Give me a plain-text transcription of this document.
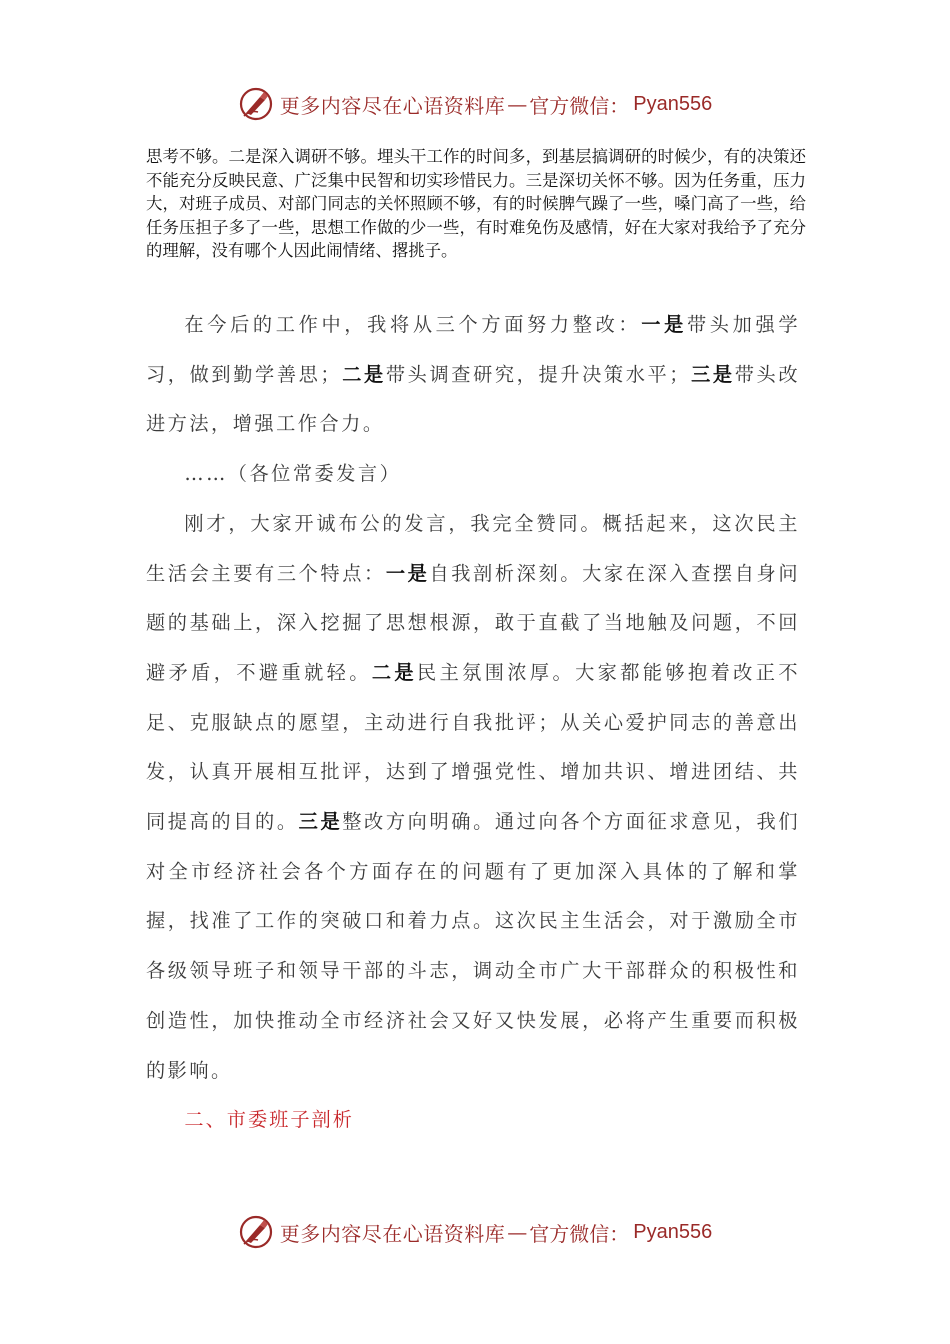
更多内容尽在心语资料库 — 官方微信： Pyan556

思考不够。二是深入调研不够。埋头干工作的时间多，到基层搞调研的时候少，有的决策还不能充分反映民意、广泛集中民智和切实珍惜民力。三是深切关怀不够。因为任务重，压力大，对班子成员、对部门同志的关怀照顾不够，有的时候脾气躁了一些，嗓门高了一些，给任务压担子多了一些，思想工作做的少一些，有时难免伤及感情，好在大家对我给予了充分的理解，没有哪个人因此闹情绪、撂挑子。

在今后的工作中，我将从三个方面努力整改：一是带头加强学习，做到勤学善思；二是带头调查研究，提升决策水平；三是带头改进方法，增强工作合力。

……（各位常委发言）

刚才，大家开诚布公的发言，我完全赞同。概括起来，这次民主生活会主要有三个特点：一是自我剖析深刻。大家在深入查摆自身问题的基础上，深入挖掘了思想根源，敢于直截了当地触及问题，不回避矛盾，不避重就轻。二是民主氛围浓厚。大家都能够抱着改正不足、克服缺点的愿望，主动进行自我批评；从关心爱护同志的善意出发，认真开展相互批评，达到了增强党性、增加共识、增进团结、共同提高的目的。三是整改方向明确。通过向各个方面征求意见，我们对全市经济社会各个方面存在的问题有了更加深入具体的了解和掌握，找准了工作的突破口和着力点。这次民主生活会，对于激励全市各级领导班子和领导干部的斗志，调动全市广大干部群众的积极性和创造性，加快推动全市经济社会又好又快发展，必将产生重要而积极的影响。

二、市委班子剖析

更多内容尽在心语资料库 — 官方微信： Pyan556
